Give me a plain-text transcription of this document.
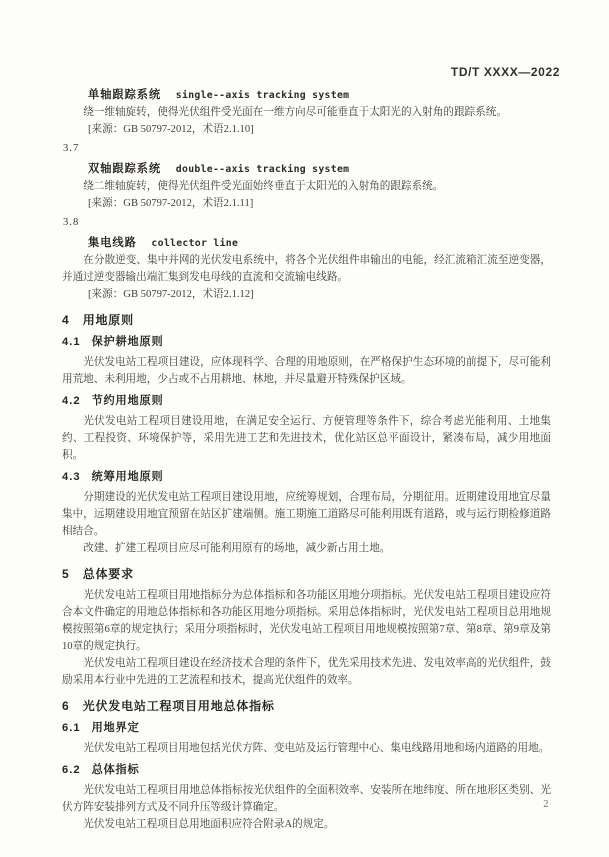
TD/T XXXX—2022

单轴跟踪系统 single--axis tracking system

绕一维轴旋转，使得光伏组件受光面在一维方向尽可能垂直于太阳光的入射角的跟踪系统。

[来源：GB 50797-2012，术语2.1.10]

3.7

双轴跟踪系统 double--axis tracking system

绕二维轴旋转，使得光伏组件受光面始终垂直于太阳光的入射角的跟踪系统。

[来源：GB 50797-2012，术语2.1.11]

3.8

集电线路 collector line

在分散逆变、集中并网的光伏发电系统中，将各个光伏组件串输出的电能，经汇流箱汇流至逆变器，并通过逆变器输出端汇集到发电母线的直流和交流输电线路。

[来源：GB 50797-2012，术语2.1.12]

4 用地原则
4.1 保护耕地原则

光伏发电站工程项目建设，应体现科学、合理的用地原则，在严格保护生态环境的前提下，尽可能利用荒地、未利用地，少占或不占用耕地、林地，并尽量避开特殊保护区域。

4.2 节约用地原则

光伏发电站工程项目建设用地，在满足安全运行、方便管理等条件下，综合考虑光能利用、土地集约、工程投资、环境保护等，采用先进工艺和先进技术，优化站区总平面设计，紧凑布局，减少用地面积。

4.3 统筹用地原则

分期建设的光伏发电站工程项目建设用地，应统筹规划，合理布局，分期征用。近期建设用地宜尽量集中，远期建设用地宜预留在站区扩建端侧。施工期施工道路尽可能利用既有道路，或与运行期检修道路相结合。

改建、扩建工程项目应尽可能利用原有的场地，减少新占用土地。

5 总体要求

光伏发电站工程项目用地指标分为总体指标和各功能区用地分项指标。光伏发电站工程项目建设应符合本文件确定的用地总体指标和各功能区用地分项指标。采用总体指标时，光伏发电站工程项目总用地规模按照第6章的规定执行；采用分项指标时，光伏发电站工程项目用地规模按照第7章、第8章、第9章及第10章的规定执行。

光伏发电站工程项目建设在经济技术合理的条件下，优先采用技术先进、发电效率高的光伏组件，鼓励采用本行业中先进的工艺流程和技术，提高光伏组件的效率。

6 光伏发电站工程项目用地总体指标
6.1 用地界定

光伏发电站工程项目用地包括光伏方阵、变电站及运行管理中心、集电线路用地和场内道路的用地。

6.2 总体指标

光伏发电站工程项目用地总体指标按光伏组件的全面积效率、安装所在地纬度、所在地形区类别、光伏方阵安装排列方式及不同升压等级计算确定。

光伏发电站工程项目总用地面积应符合附录A的规定。

2
